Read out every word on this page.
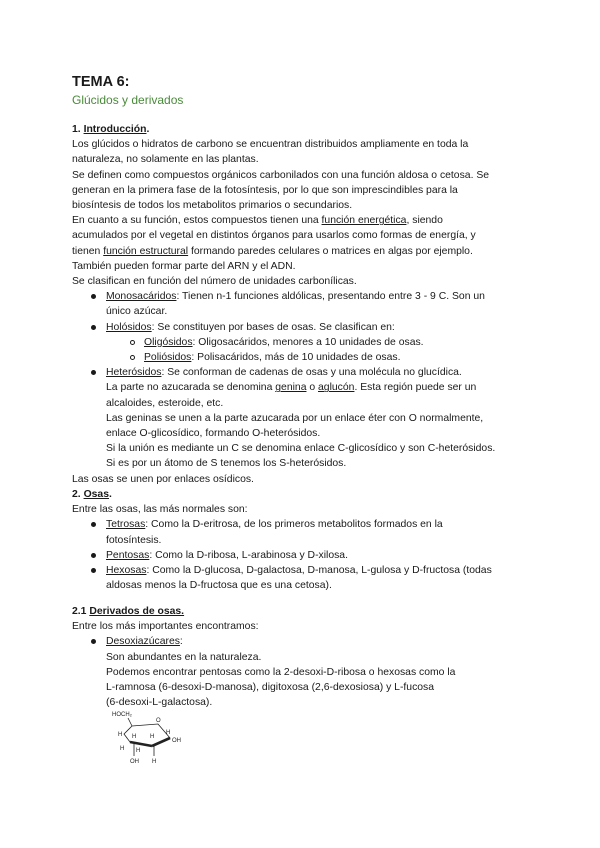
TEMA 6:
Glúcidos y derivados

1. Introducción.

Los glúcidos o hidratos de carbono se encuentran distribuidos ampliamente en toda la

naturaleza, no solamente en las plantas.

Se definen como compuestos orgánicos carbonilados con una función aldosa o cetosa. Se

generan en la primera fase de la fotosíntesis, por lo que son imprescindibles para la

biosíntesis de todos los metabolitos primarios o secundarios.

En cuanto a su función, estos compuestos tienen una función energética, siendo

acumulados por el vegetal en distintos órganos para usarlos como formas de energía, y

tienen función estructural formando paredes celulares o matrices en algas por ejemplo.

También pueden formar parte del ARN y el ADN.

Se clasifican en función del número de unidades carbonílicas.

Monosacáridos: Tienen n-1 funciones aldólicas, presentando entre 3 - 9 C. Son un

único azúcar.

Holósidos: Se constituyen por bases de osas. Se clasifican en:

Oligósidos: Oligosacáridos, menores a 10 unidades de osas.

Poliósidos: Polisacáridos, más de 10 unidades de osas.

Heterósidos: Se conforman de cadenas de osas y una molécula no glucídica.

La parte no azucarada se denomina genina o aglucón. Esta región puede ser un

alcaloides, esteroide, etc.

Las geninas se unen a la parte azucarada por un enlace éter con O normalmente,

enlace O-glicosídico, formando O-heterósidos.

Si la unión es mediante un C se denomina enlace C-glicosídico y son C-heterósidos.

Si es por un átomo de S tenemos los S-heterósidos.

Las osas se unen por enlaces osídicos.

2. Osas.

Entre las osas, las más normales son:

Tetrosas: Como la D-eritrosa, de los primeros metabolitos formados en la

fotosíntesis.

Pentosas: Como la D-ribosa, L-arabinosa y D-xilosa.

Hexosas: Como la D-glucosa, D-galactosa, D-manosa, L-gulosa y D-fructosa (todas

aldosas menos la D-fructosa que es una cetosa).

2.1 Derivados de osas.

Entre los más importantes encontramos:

Desoxiazúcares:

Son abundantes en la naturaleza.

Podemos encontrar pentosas como la 2-desoxi-D-ribosa o hexosas como la

L-ramnosa (6-desoxi-D-manosa), digitoxosa (2,6-dexosiosa) y L-fucosa

(6-desoxi-L-galactosa).

HOCH₂
O
H H
H H
H
H
OH
OH H
